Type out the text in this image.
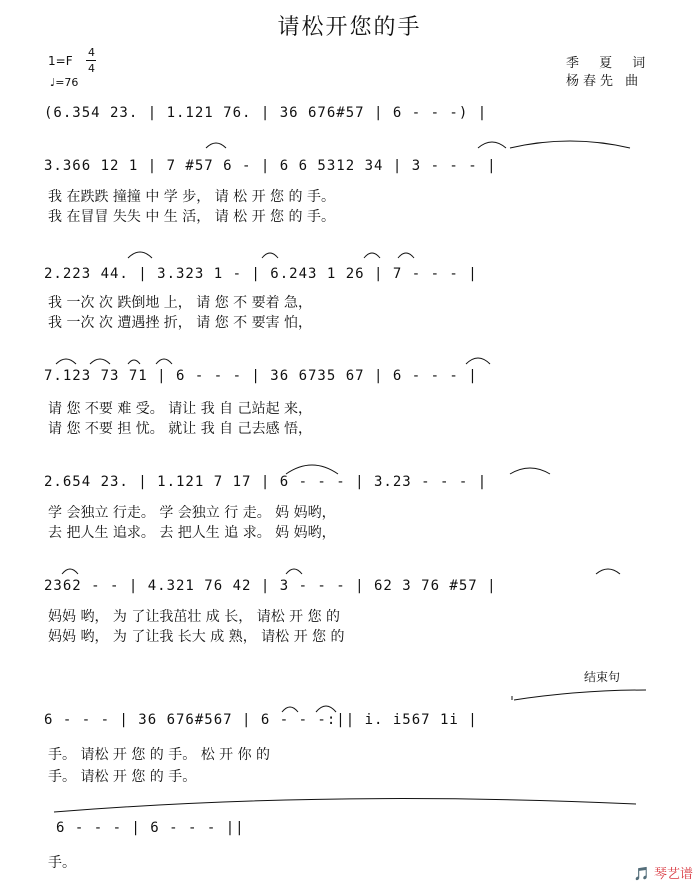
请松开您的手
1=F
4
4
♩=76
季 夏 词
杨春先 曲
(6.354 23. | 1.121 76. | 36 676#57 | 6 - - -) |
3.366 12 1 | 7 #57 6 - | 6 6 5312 34 | 3 - - - |
我 在跌跌 撞撞 中 学 步， 请 松 开 您 的 手。
我 在冒冒 失失 中 生 活， 请 松 开 您 的 手。
2.223 44. | 3.323 1 - | 6.243 1 26 | 7 - - - |
我 一次 次 跌倒地 上， 请 您 不 要着 急，
我 一次 次 遭遇挫 折， 请 您 不 要害 怕，
7.123 73 71 | 6 - - - | 36 6735 67 | 6 - - - |
请 您 不要 难 受。 请让 我 自 己站起 来，
请 您 不要 担 忧。 就让 我 自 己去感 悟，
2.654 23. | 1.121 7 17 | 6 - - - | 3.23 - - - |
学 会独立 行走。 学 会独立 行 走。 妈 妈哟，
去 把人生 追求。 去 把人生 追 求。 妈 妈哟，
2362 - - | 4.321 76 42 | 3 - - - | 62 3 76 #57 |
妈妈 哟， 为 了让我茁壮 成 长， 请松 开 您 的
妈妈 哟， 为 了让我 长大 成 熟， 请松 开 您 的
结束句
6 - - - | 36 676#567 | 6 - - -:|| i. i567 1i |
手。 请松 开 您 的 手。 松 开 你 的
手。 请松 开 您 的 手。
6 - - - | 6 - - - ||
手。
🎵 琴艺谱
